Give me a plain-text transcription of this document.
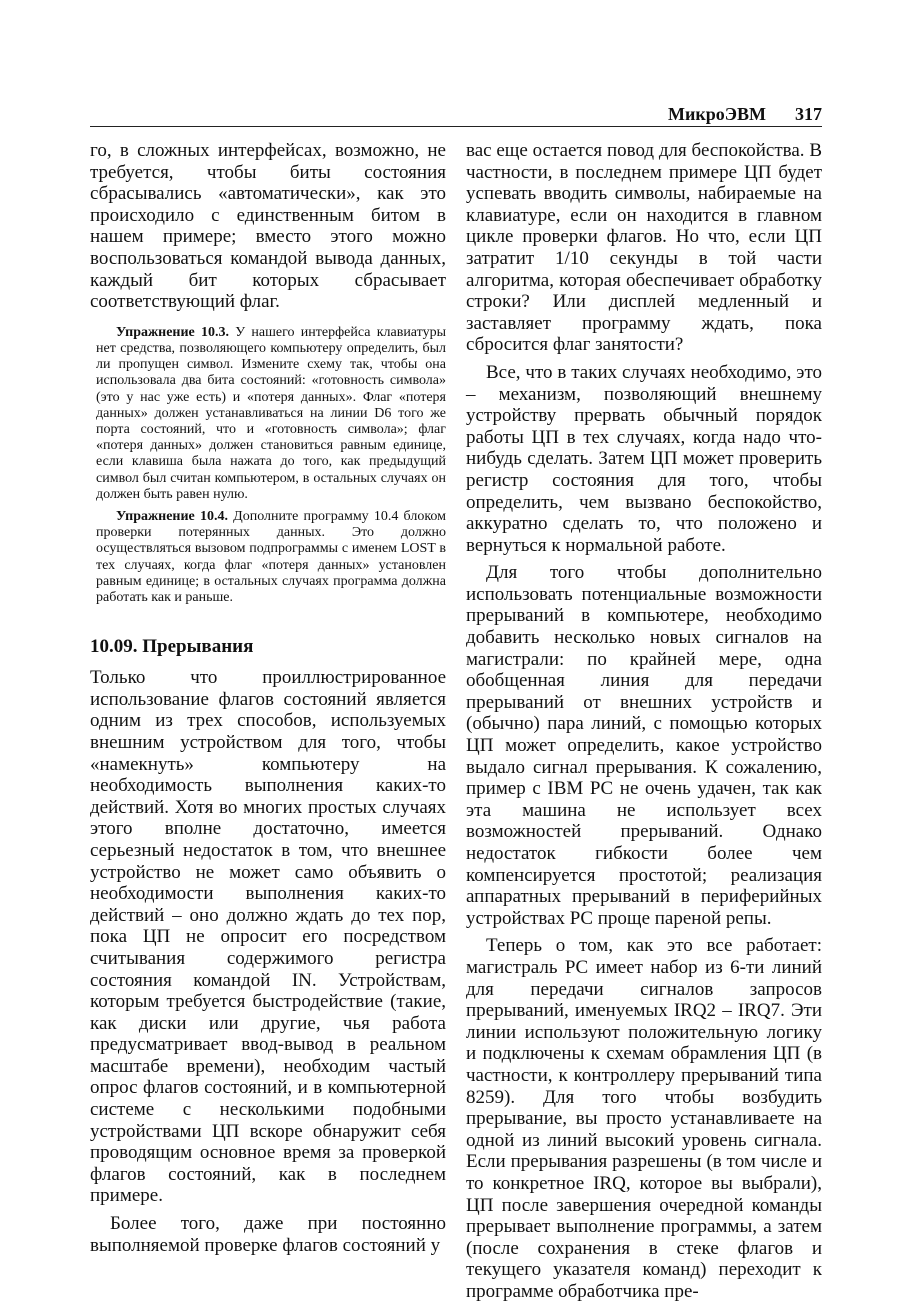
МикроЭВМ 317

го, в сложных интерфейсах, возможно, не требуется, чтобы биты состояния сбрасывались «автоматически», как это происходило с единственным битом в нашем примере; вместо этого можно воспользоваться командой вывода данных, каждый бит которых сбрасывает соответствующий флаг.

Упражнение 10.3. У нашего интерфейса клавиатуры нет средства, позволяющего компьютеру определить, был ли пропущен символ. Измените схему так, чтобы она использовала два бита состояний: «готовность символа» (это у нас уже есть) и «потеря данных». Флаг «потеря данных» должен устанавливаться на линии D6 того же порта состояний, что и «готовность символа»; флаг «потеря данных» должен становиться равным единице, если клавиша была нажата до того, как предыдущий символ был считан компьютером, в остальных случаях он должен быть равен нулю.

Упражнение 10.4. Дополните программу 10.4 блоком проверки потерянных данных. Это должно осуществляться вызовом подпрограммы с именем LOST в тех случаях, когда флаг «потеря данных» установлен равным единице; в остальных случаях программа должна работать как и раньше.

10.09. Прерывания

Только что проиллюстрированное использование флагов состояний является одним из трех способов, используемых внешним устройством для того, чтобы «намекнуть» компьютеру на необходимость выполнения каких-то действий. Хотя во многих простых случаях этого вполне достаточно, имеется серьезный недостаток в том, что внешнее устройство не может само объявить о необходимости выполнения каких-то действий – оно должно ждать до тех пор, пока ЦП не опросит его посредством считывания содержимого регистра состояния командой IN. Устройствам, которым требуется быстродействие (такие, как диски или другие, чья работа предусматривает ввод-вывод в реальном масштабе времени), необходим частый опрос флагов состояний, и в компьютерной системе с несколькими подобными устройствами ЦП вскоре обнаружит себя проводящим основное время за проверкой флагов состояний, как в последнем примере.

Более того, даже при постоянно выполняемой проверке флагов состояний у

вас еще остается повод для беспокойства. В частности, в последнем примере ЦП будет успевать вводить символы, набираемые на клавиатуре, если он находится в главном цикле проверки флагов. Но что, если ЦП затратит 1/10 секунды в той части алгоритма, которая обеспечивает обработку строки? Или дисплей медленный и заставляет программу ждать, пока сбросится флаг занятости?

Все, что в таких случаях необходимо, это – механизм, позволяющий внешнему устройству прервать обычный порядок работы ЦП в тех случаях, когда надо что-нибудь сделать. Затем ЦП может проверить регистр состояния для того, чтобы определить, чем вызвано беспокойство, аккуратно сделать то, что положено и вернуться к нормальной работе.

Для того чтобы дополнительно использовать потенциальные возможности прерываний в компьютере, необходимо добавить несколько новых сигналов на магистрали: по крайней мере, одна обобщенная линия для передачи прерываний от внешних устройств и (обычно) пара линий, с помощью которых ЦП может определить, какое устройство выдало сигнал прерывания. К сожалению, пример с IBM PC не очень удачен, так как эта машина не использует всех возможностей прерываний. Однако недостаток гибкости более чем компенсируется простотой; реализация аппаратных прерываний в периферийных устройствах PC проще пареной репы.

Теперь о том, как это все работает: магистраль PC имеет набор из 6-ти линий для передачи сигналов запросов прерываний, именуемых IRQ2 – IRQ7. Эти линии используют положительную логику и подключены к схемам обрамления ЦП (в частности, к контроллеру прерываний типа 8259). Для того чтобы возбудить прерывание, вы просто устанавливаете на одной из линий высокий уровень сигнала. Если прерывания разрешены (в том числе и то конкретное IRQ, которое вы выбрали), ЦП после завершения очередной команды прерывает выполнение программы, а затем (после сохранения в стеке флагов и текущего указателя команд) переходит к программе обработчика пре-
